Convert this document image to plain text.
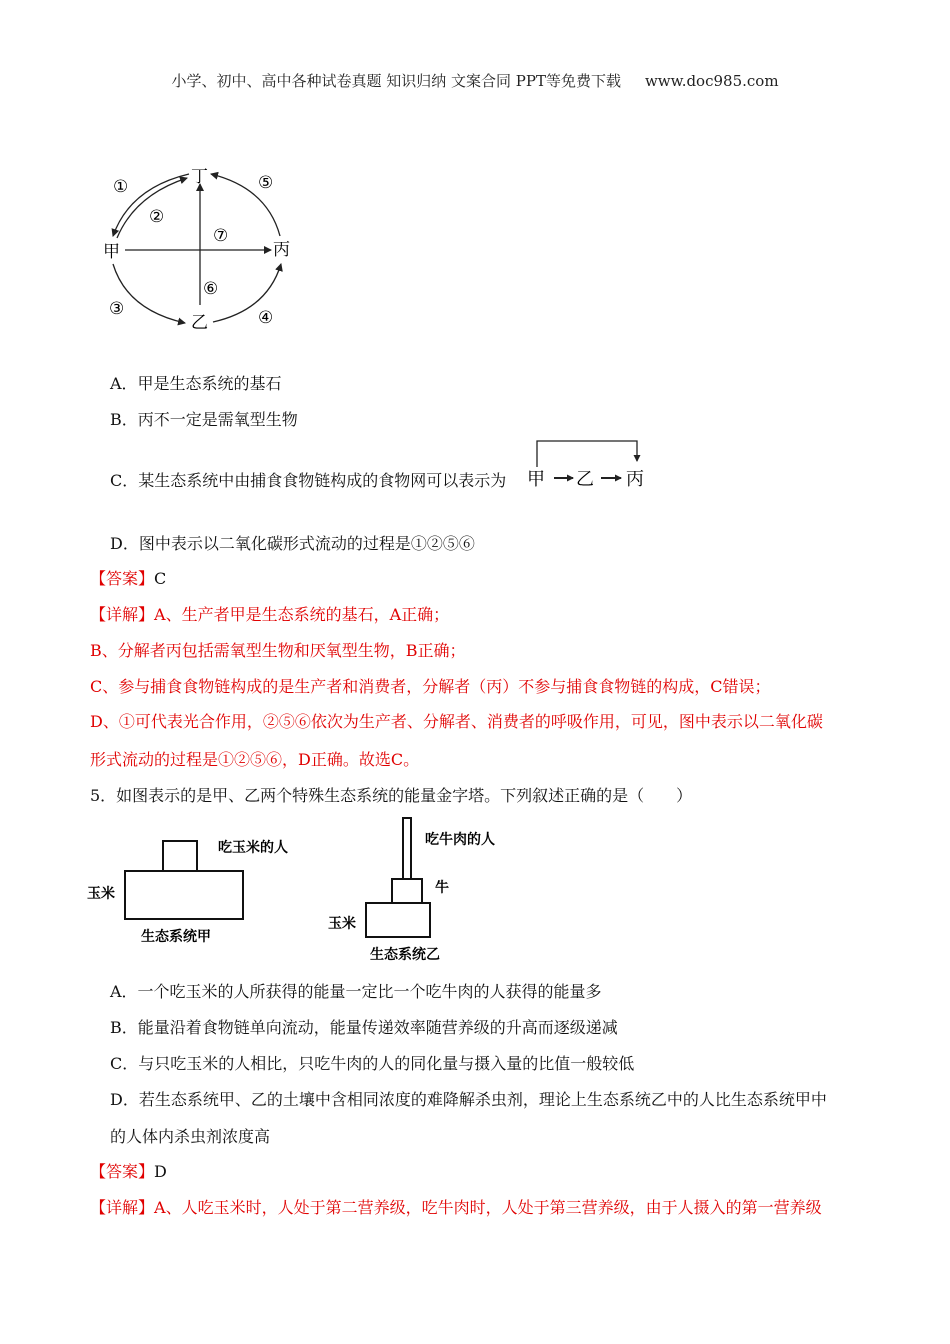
小学、初中、高中各种试卷真题 知识归纳 文案合同 PPT等免费下载 www.doc985.com
丁
甲	丙
乙
①
②
③	④
⑤
⑥
⑦
A．甲是生态系统的基石
B．丙不一定是需氧型生物
C．某生态系统中由捕食食物链构成的食物网可以表示为 甲 乙 丙
D．图中表示以二氧化碳形式流动的过程是①②⑤⑥
【答案】C
【详解】A、生产者甲是生态系统的基石，A正确；
B、分解者丙包括需氧型生物和厌氧型生物，B正确；
C、参与捕食食物链构成的是生产者和消费者，分解者（丙）不参与捕食食物链的构成，C错误；
D、①可代表光合作用，②⑤⑥依次为生产者、分解者、消费者的呼吸作用，可见，图中表示以二氧化碳
形式流动的过程是①②⑤⑥，D正确。故选C。
5．如图表示的是甲、乙两个特殊生态系统的能量金字塔。下列叙述正确的是（　　）
吃玉米的人
玉米
生态系统甲
吃牛肉的人
牛
玉米
生态系统乙
A．一个吃玉米的人所获得的能量一定比一个吃牛肉的人获得的能量多
B．能量沿着食物链单向流动，能量传递效率随营养级的升高而逐级递减
C．与只吃玉米的人相比，只吃牛肉的人的同化量与摄入量的比值一般较低
D．若生态系统甲、乙的土壤中含相同浓度的难降解杀虫剂，理论上生态系统乙中的人比生态系统甲中
的人体内杀虫剂浓度高
【答案】D
【详解】A、人吃玉米时，人处于第二营养级，吃牛肉时，人处于第三营养级，由于人摄入的第一营养级
